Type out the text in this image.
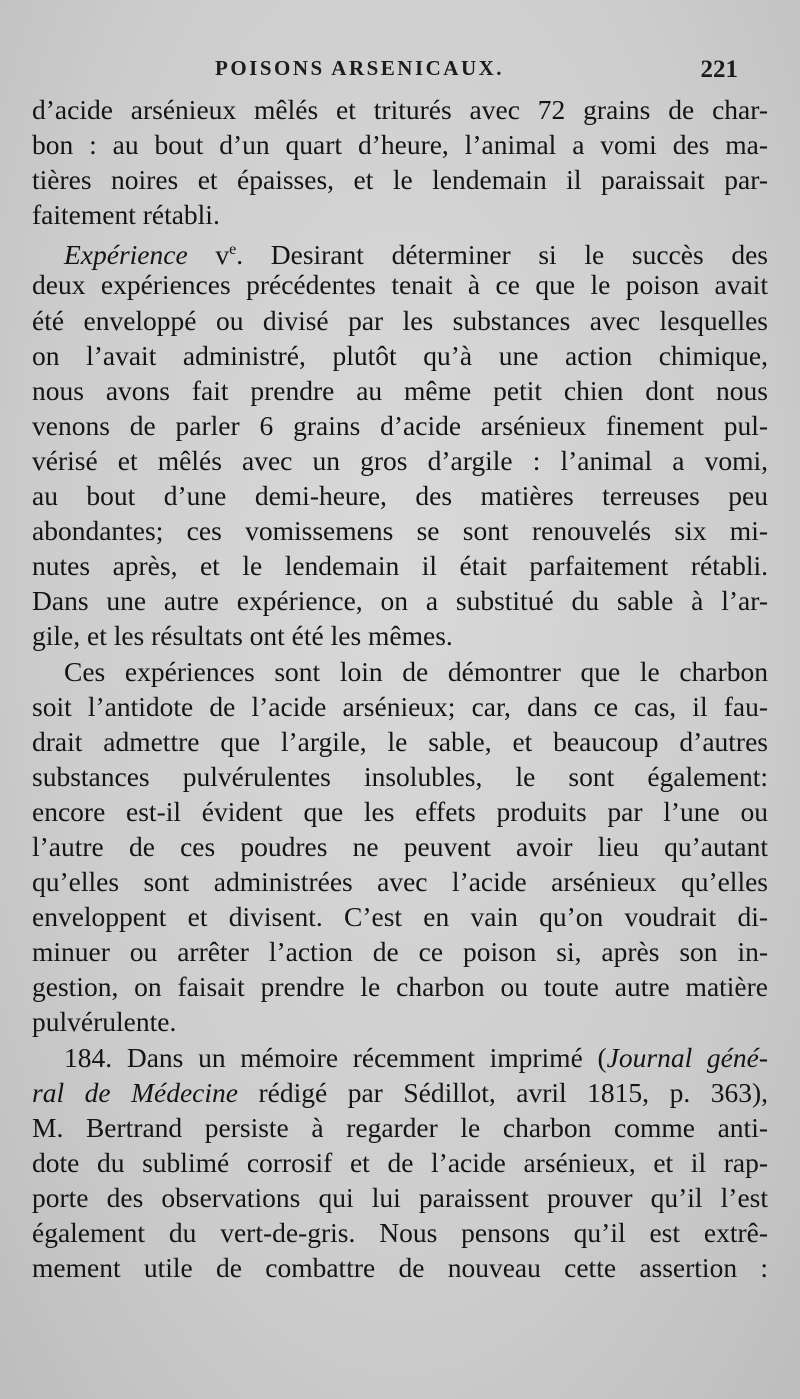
POISONS ARSENICAUX.	221
d’acide arsénieux mêlés et triturés avec 72 grains de char-
bon : au bout d’un quart d’heure, l’animal a vomi des ma-
tières noires et épaisses, et le lendemain il paraissait par-
faitement rétabli.
Expérience $v^e$. Desirant déterminer si le succès des
deux expériences précédentes tenait à ce que le poison avait
été enveloppé ou divisé par les substances avec lesquelles
on l’avait administré, plutôt qu’à une action chimique,
nous avons fait prendre au même petit chien dont nous
venons de parler 6 grains d’acide arsénieux finement pul-
vérisé et mêlés avec un gros d’argile : l’animal a vomi,
au bout d’une demi-heure, des matières terreuses peu
abondantes; ces vomissemens se sont renouvelés six mi-
nutes après, et le lendemain il était parfaitement rétabli.
Dans une autre expérience, on a substitué du sable à l’ar-
gile, et les résultats ont été les mêmes.
Ces expériences sont loin de démontrer que le charbon
soit l’antidote de l’acide arsénieux; car, dans ce cas, il fau-
drait admettre que l’argile, le sable, et beaucoup d’autres
substances pulvérulentes insolubles, le sont également:
encore est-il évident que les effets produits par l’une ou
l’autre de ces poudres ne peuvent avoir lieu qu’autant
qu’elles sont administrées avec l’acide arsénieux qu’elles
enveloppent et divisent. C’est en vain qu’on voudrait di-
minuer ou arrêter l’action de ce poison si, après son in-
gestion, on faisait prendre le charbon ou toute autre matière
pulvérulente.
184. Dans un mémoire récemment imprimé (Journal géné-
ral de Médecine rédigé par Sédillot, avril 1815, p. 363),
M. Bertrand persiste à regarder le charbon comme anti-
dote du sublimé corrosif et de l’acide arsénieux, et il rap-
porte des observations qui lui paraissent prouver qu’il l’est
également du vert-de-gris. Nous pensons qu’il est extrê-
mement utile de combattre de nouveau cette assertion :
